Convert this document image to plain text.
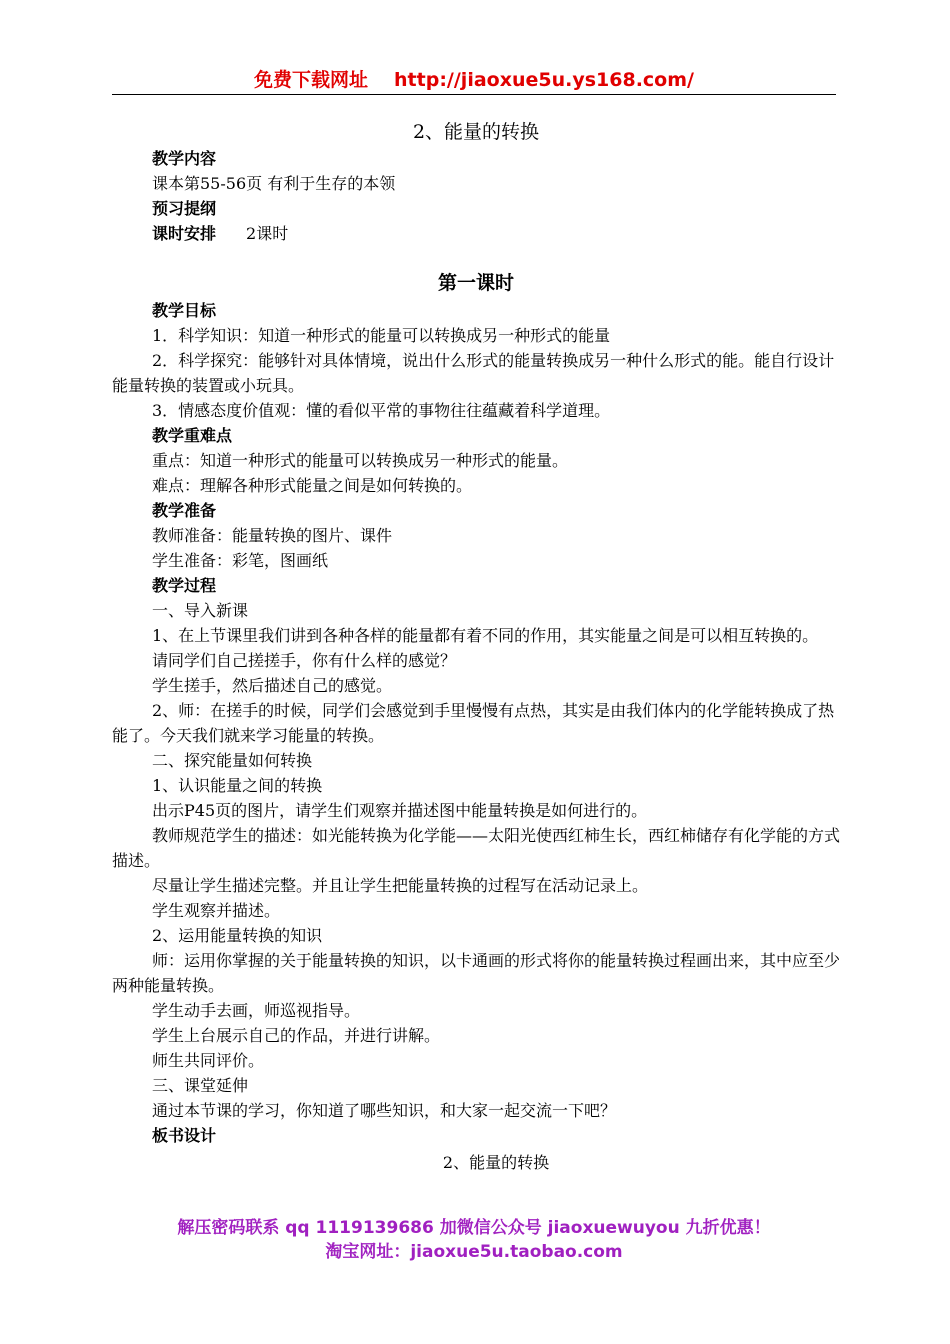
免费下载网址 http://jiaoxue5u.ys168.com/

2、能量的转换

教学内容

课本第55-56页 有利于生存的本领

预习提纲

课时安排 2课时

第一课时

教学目标

1．科学知识：知道一种形式的能量可以转换成另一种形式的能量

2．科学探究：能够针对具体情境，说出什么形式的能量转换成另一种什么形式的能。能自行设计能量转换的装置或小玩具。

3．情感态度价值观：懂的看似平常的事物往往蕴藏着科学道理。

教学重难点

重点：知道一种形式的能量可以转换成另一种形式的能量。

难点：理解各种形式能量之间是如何转换的。

教学准备

教师准备：能量转换的图片、课件

学生准备：彩笔，图画纸

教学过程

一、导入新课

1、在上节课里我们讲到各种各样的能量都有着不同的作用，其实能量之间是可以相互转换的。

请同学们自己搓搓手，你有什么样的感觉？

学生搓手，然后描述自己的感觉。

2、师：在搓手的时候，同学们会感觉到手里慢慢有点热，其实是由我们体内的化学能转换成了热能了。今天我们就来学习能量的转换。

二、探究能量如何转换

1、认识能量之间的转换

出示P45页的图片，请学生们观察并描述图中能量转换是如何进行的。

教师规范学生的描述：如光能转换为化学能——太阳光使西红柿生长，西红柿储存有化学能的方式描述。

尽量让学生描述完整。并且让学生把能量转换的过程写在活动记录上。

学生观察并描述。

2、运用能量转换的知识

师：运用你掌握的关于能量转换的知识，以卡通画的形式将你的能量转换过程画出来，其中应至少两种能量转换。

学生动手去画，师巡视指导。

学生上台展示自己的作品，并进行讲解。

师生共同评价。

三、课堂延伸

通过本节课的学习，你知道了哪些知识，和大家一起交流一下吧？

板书设计

2、能量的转换

解压密码联系 qq 1119139686 加微信公众号 jiaoxuewuyou 九折优惠！
淘宝网址：jiaoxue5u.taobao.com
